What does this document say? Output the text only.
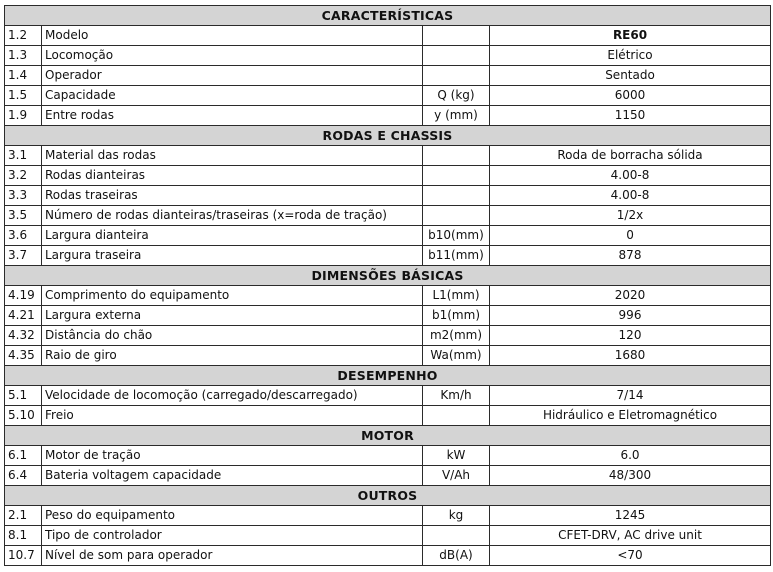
CARACTERÍSTICAS			
1.2	Modelo		RE60
1.3	Locomoção		Elétrico
1.4	Operador		Sentado
1.5	Capacidade	Q (kg)	6000
1.9	Entre rodas	y (mm)	1150
RODAS E CHASSIS			
3.1	Material das rodas		Roda de borracha sólida
3.2	Rodas dianteiras		4.00-8
3.3	Rodas traseiras		4.00-8
3.5	Número de rodas dianteiras/traseiras (x=roda de tração)		1/2x
3.6	Largura dianteira	b10(mm)	0
3.7	Largura traseira	b11(mm)	878
DIMENSÕES BÁSICAS			
4.19	Comprimento do equipamento	L1(mm)	2020
4.21	Largura externa	b1(mm)	996
4.32	Distância do chão	m2(mm)	120
4.35	Raio de giro	Wa(mm)	1680
DESEMPENHO			
5.1	Velocidade de locomoção (carregado/descarregado)	Km/h	7/14
5.10	Freio		Hidráulico e Eletromagnético
MOTOR			
6.1	Motor de tração	kW	6.0
6.4	Bateria voltagem capacidade	V/Ah	48/300
OUTROS			
2.1	Peso do equipamento	kg	1245
8.1	Tipo de controlador		CFET-DRV, AC drive unit
10.7	Nível de som para operador	dB(A)	<70
